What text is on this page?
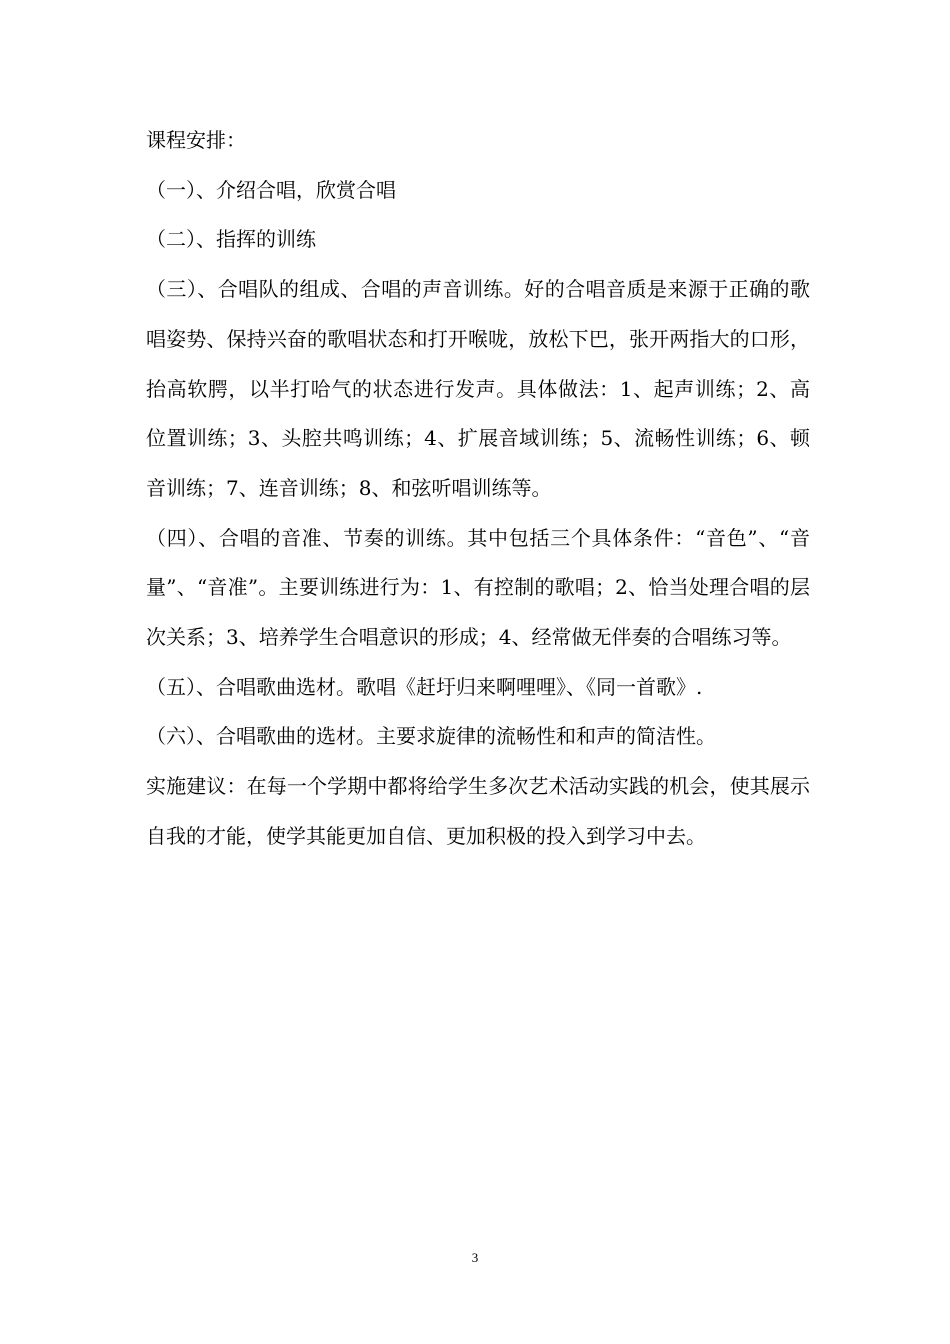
课程安排：

（一）、介绍合唱，欣赏合唱

（二）、指挥的训练

（三）、合唱队的组成、合唱的声音训练。好的合唱音质是来源于正确的歌唱姿势、保持兴奋的歌唱状态和打开喉咙，放松下巴，张开两指大的口形，抬高软腭，以半打哈气的状态进行发声。具体做法：1、起声训练；2、高位置训练；3、头腔共鸣训练；4、扩展音域训练；5、流畅性训练；6、顿音训练；7、连音训练；8、和弦听唱训练等。

（四）、合唱的音准、节奏的训练。其中包括三个具体条件：“音色”、“音量”、“音准”。主要训练进行为：1、有控制的歌唱；2、恰当处理合唱的层次关系；3、培养学生合唱意识的形成；4、经常做无伴奏的合唱练习等。

（五）、合唱歌曲选材。歌唱《赶圩归来啊哩哩》、《同一首歌》.

（六）、合唱歌曲的选材。主要求旋律的流畅性和和声的简洁性。

实施建议：在每一个学期中都将给学生多次艺术活动实践的机会，使其展示自我的才能，使学其能更加自信、更加积极的投入到学习中去。

3
